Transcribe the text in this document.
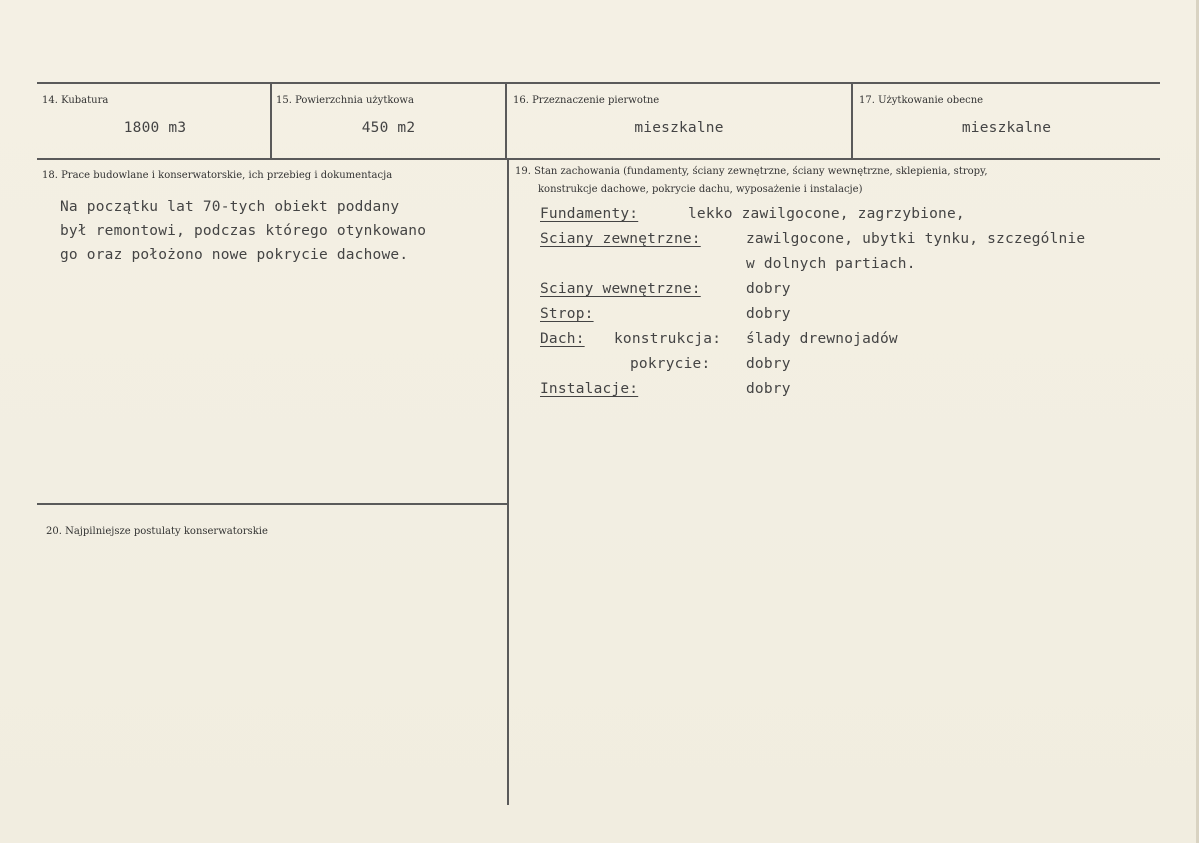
14. Kubatura
1800 m3
15. Powierzchnia użytkowa
450 m2
16. Przeznaczenie pierwotne
mieszkalne
17. Użytkowanie obecne
mieszkalne
18. Prace budowlane i konserwatorskie, ich przebieg i dokumentacja
Na początku lat 70-tych obiekt poddany
był remontowi, podczas którego otynkowano
go oraz położono nowe pokrycie dachowe.
19. Stan zachowania (fundamenty, ściany zewnętrzne, ściany wewnętrzne, sklepienia, stropy,
konstrukcje dachowe, pokrycie dachu, wyposażenie i instalacje)
Fundamenty:	lekko zawilgocone, zagrzybione,
Sciany zewnętrzne:	zawilgocone, ubytki tynku, szczególnie
w dolnych partiach.
Sciany wewnętrzne:	dobry
Strop:	dobry
Dach: konstrukcja: ślady drewnojadów
pokrycie: dobry
Instalacje:	dobry
20. Najpilniejsze postulaty konserwatorskie
